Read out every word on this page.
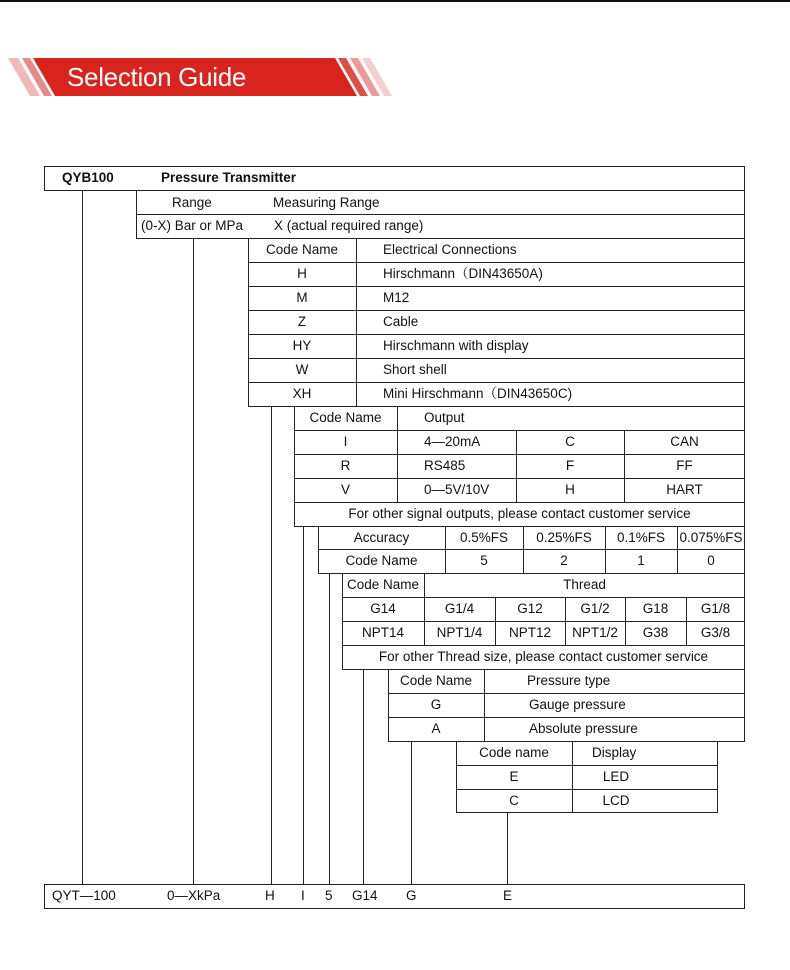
Selection Guide
QYB100	Pressure Transmitter
Range	Measuring Range
(0-X) Bar or MPa X (actual required range)
Code Name	Electrical Connections
H	Hirschmann（DIN43650A)
M	M12
Z	Cable
HY	Hirschmann with display
W	Short shell
XH	Mini Hirschmann（DIN43650C)
Code Name	Output
I	4—20mA	C	CAN
R	RS485	F	FF
V	0—5V/10V	H	HART
For other signal outputs, please contact customer service
Accuracy	0.5%FS	0.25%FS	0.1%FS	0.075%FS
Code Name	5	2	1	0
Code Name	Thread
G14	G1/4	G12	G1/2	G18	G1/8
NPT14	NPT1/4	NPT12	NPT1/2	G38	G3/8
For other Thread size, please contact customer service
Code Name	Pressure type
G	Gauge pressure
A	Absolute pressure
Code name	Display
E	LED
C	LCD
QYT—100	0—XkPa	H I 5 G14 G	E
